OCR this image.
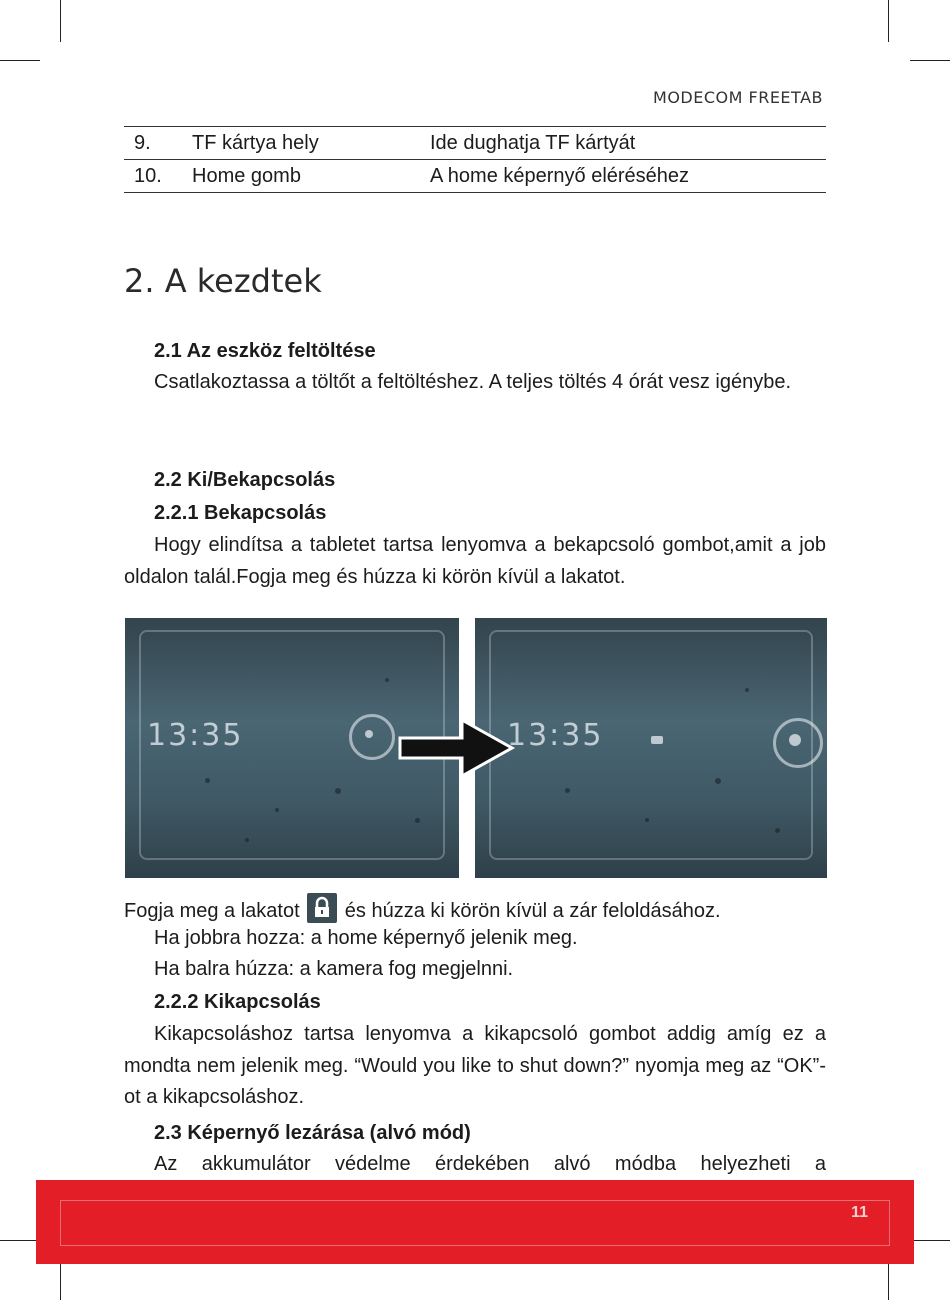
MODECOM FREETAB
9.	TF kártya hely	Ide dughatja TF kártyát
10.	Home gomb	A home képernyő eléréséhez
2. A kezdtek
2.1 Az eszköz feltöltése
Csatlakoztassa a töltőt a feltöltéshez. A teljes töltés 4 órát vesz igénybe.
2.2 Ki/Bekapcsolás
2.2.1 Bekapcsolás
Hogy elindítsa a tabletet tartsa lenyomva a bekapcsoló gombot,amit a job oldalon talál.Fogja meg és húzza ki körön kívül a lakatot.
13:35	13:35
Fogja meg a lakatot és húzza ki körön kívül a zár feloldásához.
Ha jobbra hozza: a home képernyő jelenik meg.
Ha balra húzza: a kamera fog megjelnni.
2.2.2 Kikapcsolás
Kikapcsoláshoz tartsa lenyomva a kikapcsoló gombot addig amíg ez a mondta nem jelenik meg. “Would you like to shut down?” nyomja meg az “OK”-ot a kikapcsoláshoz.
2.3 Képernyő lezárása (alvó mód)
Az akkumulátor védelme érdekében alvó módba helyezheti a
11
